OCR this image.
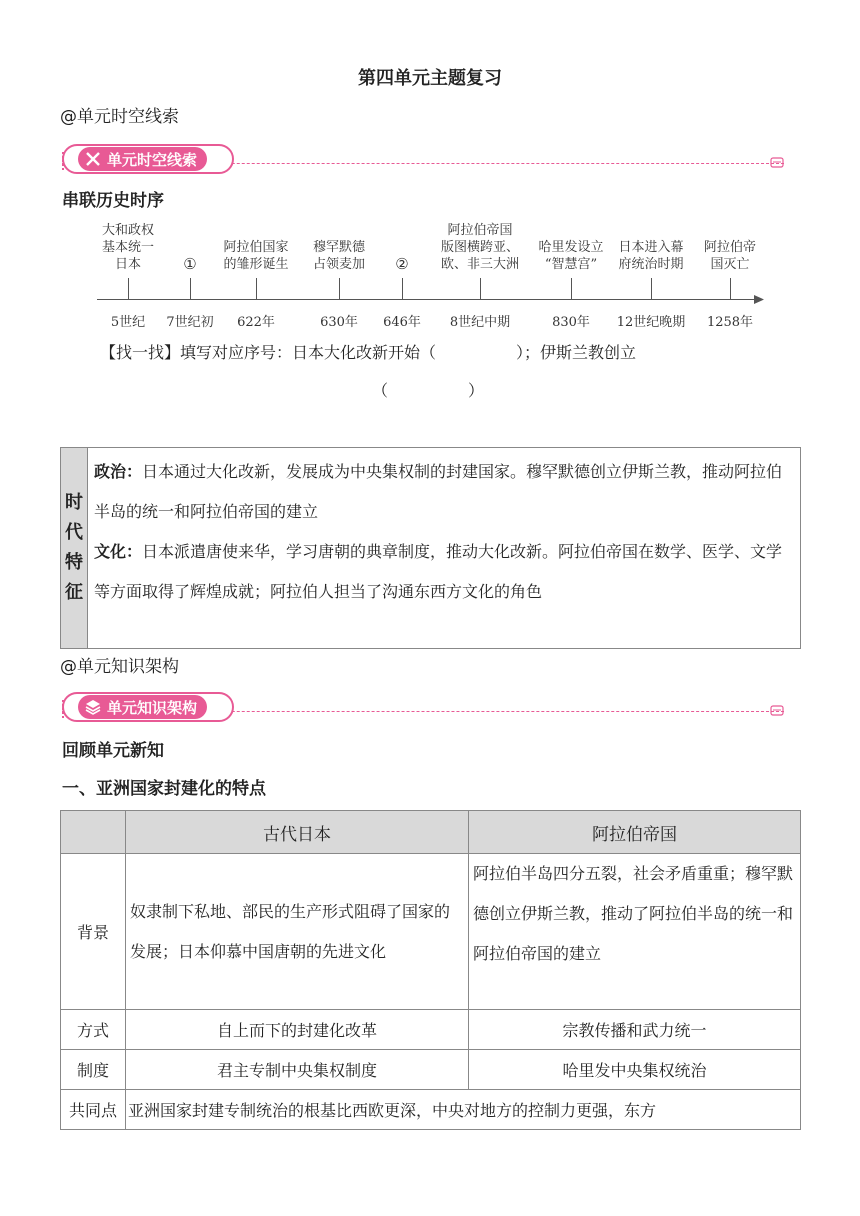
第四单元主题复习
@单元时空线索
单元时空线索
串联历史时序
大和政权
基本统一
日本	①
阿拉伯国家
的雏形诞生
穆罕默德
占领麦加 ②
阿拉伯帝国
版图横跨亚、
欧、非三大洲
哈里发设立
“智慧宫”
日本进入幕
府统治时期
阿拉伯帝
国灭亡
5世纪 7世纪初 622年	630年 646年 8世纪中期	830年 12世纪晚期 1258年
【找一找】填写对应序号：日本大化改新开始（　　　　　）；伊斯兰教创立
（　　　　　）
时
代
特
征

政治：日本通过大化改新，发展成为中央集权制的封建国家。穆罕默德创立伊斯兰教，推动阿拉伯半岛的统一和阿拉伯帝国的建立
文化：日本派遣唐使来华，学习唐朝的典章制度，推动大化改新。阿拉伯帝国在数学、医学、文学等方面取得了辉煌成就；阿拉伯人担当了沟通东西方文化的角色
@单元知识架构
单元知识架构
回顾单元新知
一、亚洲国家封建化的特点
	古代日本	阿拉伯帝国
背景	奴隶制下私地、部民的生产形式阻碍了国家的发展；日本仰慕中国唐朝的先进文化	阿拉伯半岛四分五裂，社会矛盾重重；穆罕默德创立伊斯兰教，推动了阿拉伯半岛的统一和阿拉伯帝国的建立
方式	自上而下的封建化改革	宗教传播和武力统一
制度	君主专制中央集权制度	哈里发中央集权统治
共同点	亚洲国家封建专制统治的根基比西欧更深，中央对地方的控制力更强，东方	
